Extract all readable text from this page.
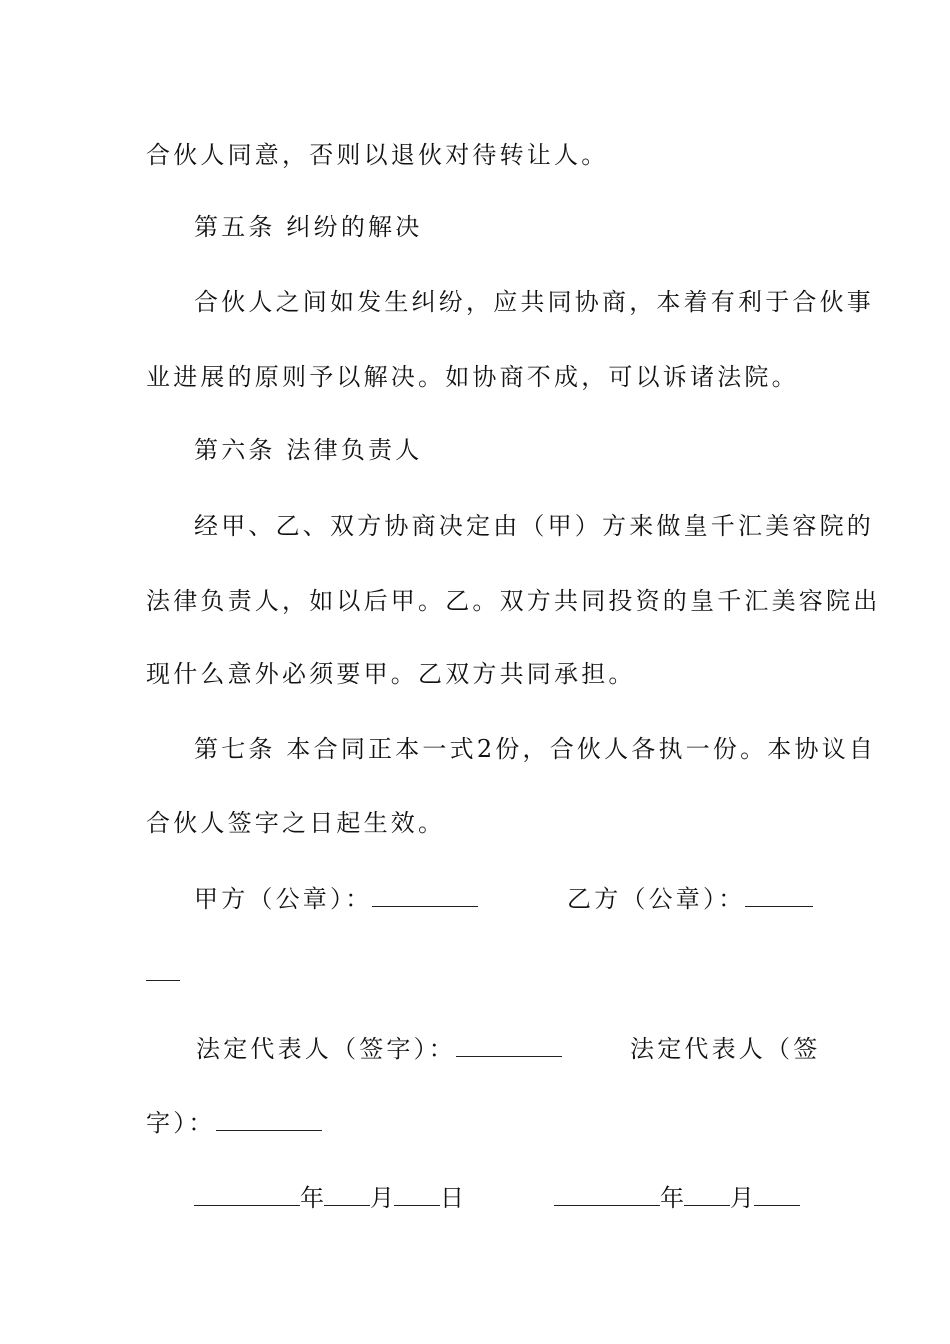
合伙人同意，否则以退伙对待转让人。
第五条 纠纷的解决
合伙人之间如发生纠纷，应共同协商，本着有利于合伙事
业进展的原则予以解决。如协商不成，可以诉诸法院。
第六条 法律负责人
经甲、乙、双方协商决定由（甲）方来做皇千汇美容院的
法律负责人，如以后甲。乙。双方共同投资的皇千汇美容院出
现什么意外必须要甲。乙双方共同承担。
第七条 本合同正本一式2份，合伙人各执一份。本协议自
合伙人签字之日起生效。
甲方（公章）：	乙方（公章）：
法定代表人（签字）：	法定代表人（签
字）：
年 月 日	年 月
